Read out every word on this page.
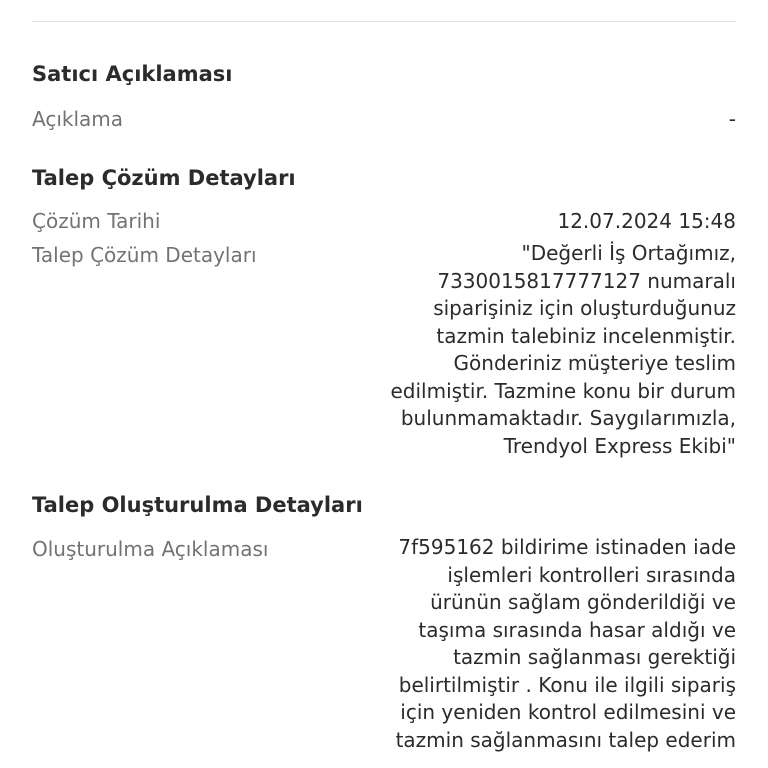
Satıcı Açıklaması
Açıklama	-
Talep Çözüm Detayları
Çözüm Tarihi	12.07.2024 15:48
Talep Çözüm Detayları	"Değerli İş Ortağımız,
7330015817777127 numaralı
siparişiniz için oluşturduğunuz
tazmin talebiniz incelenmiştir.
Gönderiniz müşteriye teslim
edilmiştir. Tazmine konu bir durum
bulunmamaktadır. Saygılarımızla,
Trendyol Express Ekibi"
Talep Oluşturulma Detayları
Oluşturulma Açıklaması	7f595162 bildirime istinaden iade
işlemleri kontrolleri sırasında
ürünün sağlam gönderildiği ve
taşıma sırasında hasar aldığı ve
tazmin sağlanması gerektiği
belirtilmiştir . Konu ile ilgili sipariş
için yeniden kontrol edilmesini ve
tazmin sağlanmasını talep ederim
